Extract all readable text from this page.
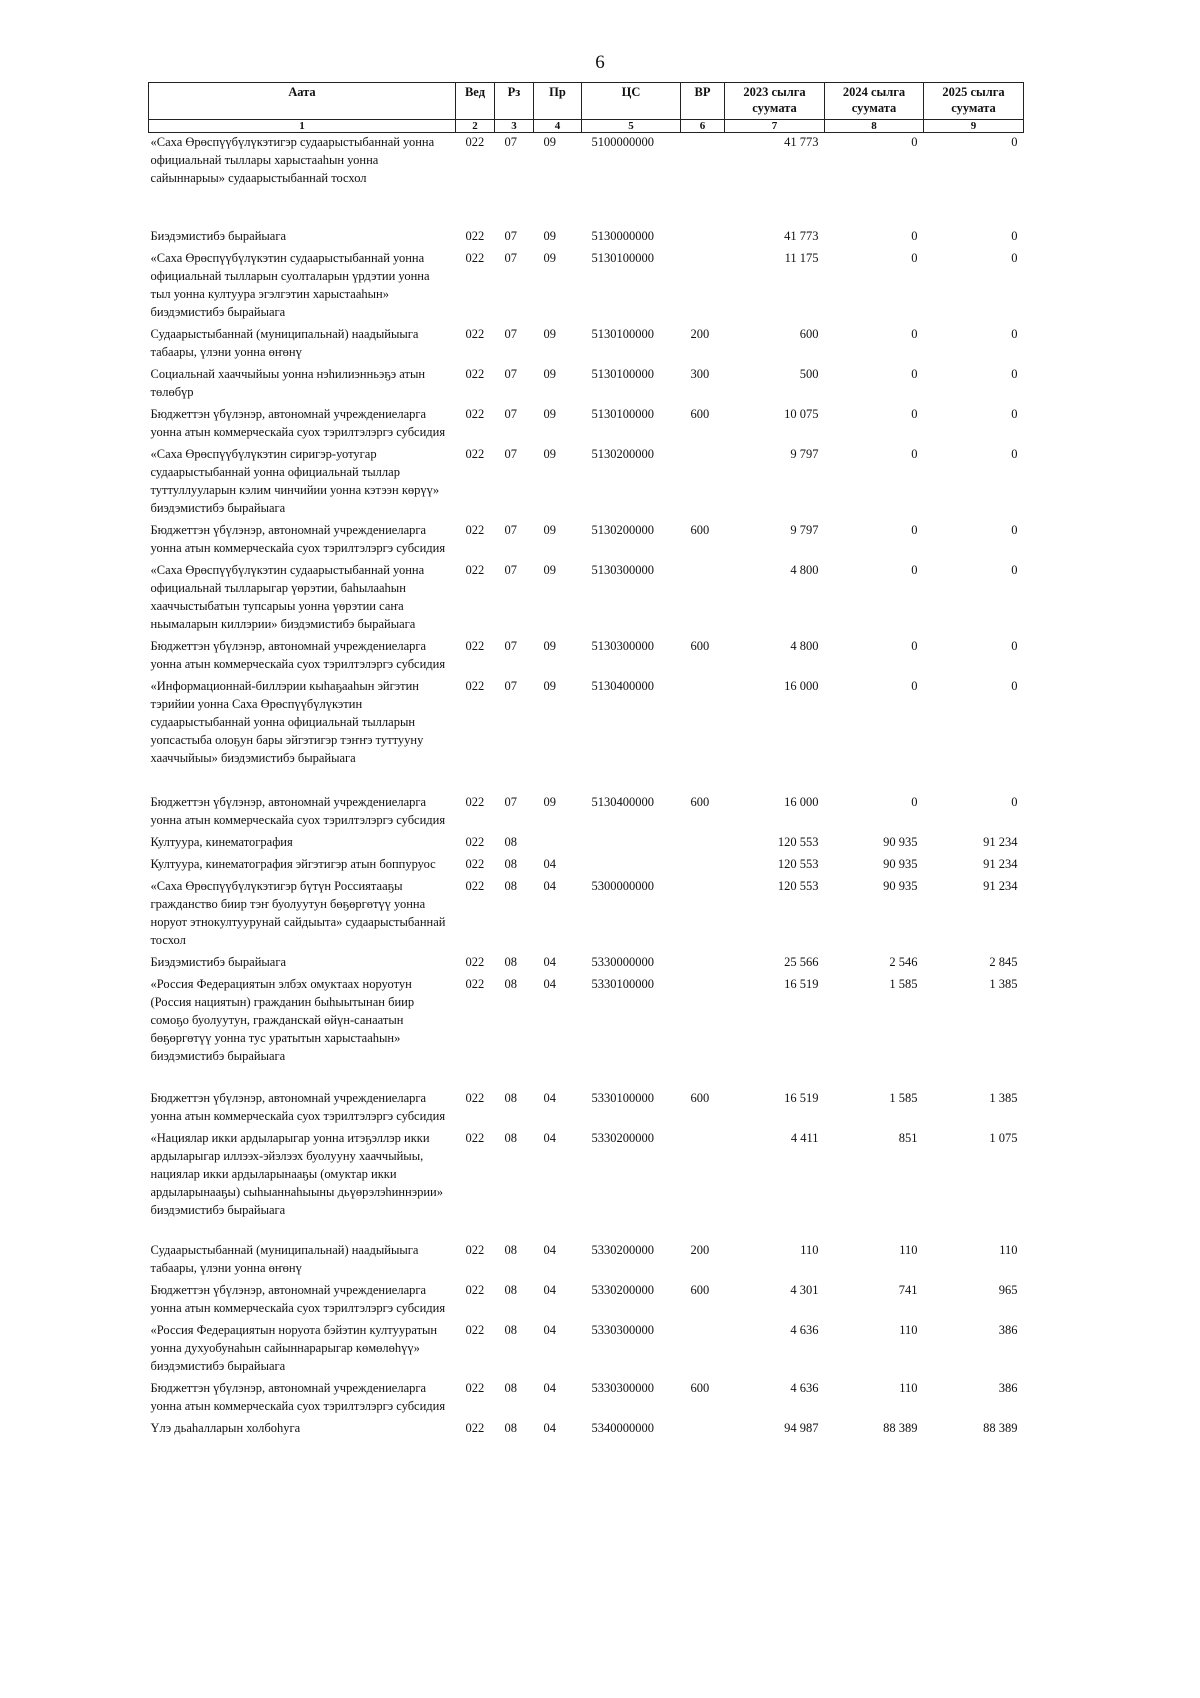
6
Аата	Вед	Рз	Пр	ЦС	ВР	2023 сылга суумата	2024 сылга суумата	2025 сылга суумата
1	2	3	4	5	6	7	8	9
«Саха Өрөспүүбүлүкэтигэр судаарыстыбаннай уонна официальнай тыллары харыстааһын уонна сайыннарыы» судаарыстыбаннай тосхол	022	07	09	5100000000		41 773	0	0
Биэдэмистибэ бырайыага	022	07	09	5130000000		41 773	0	0
«Саха Өрөспүүбүлүкэтин судаарыстыбаннай уонна официальнай тылларын суолталарын үрдэтии уонна тыл уонна култуура эгэлгэтин харыстааһын» биэдэмистибэ бырайыага	022	07	09	5130100000		11 175	0	0
Судаарыстыбаннай (муниципальнай) наадыйыыга табаары, үлэни уонна өҥөнү	022	07	09	5130100000	200	600	0	0
Социальнай хааччыйыы уонна нэһилиэнньэҕэ атын төлөбүр	022	07	09	5130100000	300	500	0	0
Бюджеттэн үбүлэнэр, автономнай учреждениеларга уонна атын коммерческайа суох тэрилтэлэргэ субсидия	022	07	09	5130100000	600	10 075	0	0
«Саха Өрөспүүбүлүкэтин сиригэр-уотугар судаарыстыбаннай уонна официальнай тыллар туттуллууларын кэлим чинчийии уонна кэтээн көрүү» биэдэмистибэ бырайыага	022	07	09	5130200000		9 797	0	0
Бюджеттэн үбүлэнэр, автономнай учреждениеларга уонна атын коммерческайа суох тэрилтэлэргэ субсидия	022	07	09	5130200000	600	9 797	0	0
«Саха Өрөспүүбүлүкэтин судаарыстыбаннай уонна официальнай тылларыгар үөрэтии, баһылааһын хааччыстыбатын тупсарыы уонна үөрэтии саҥа ньымаларын киллэрии» биэдэмистибэ бырайыага	022	07	09	5130300000		4 800	0	0
Бюджеттэн үбүлэнэр, автономнай учреждениеларга уонна атын коммерческайа суох тэрилтэлэргэ субсидия	022	07	09	5130300000	600	4 800	0	0
«Информационнай-биллэрии кыһаҕааһын эйгэтин тэрийии уонна Саха Өрөспүүбүлүкэтин судаарыстыбаннай уонна официальнай тылларын уопсастыба олоҕун бары эйгэтигэр тэҥҥэ туттууну хааччыйыы» биэдэмистибэ бырайыага	022	07	09	5130400000		16 000	0	0
Бюджеттэн үбүлэнэр, автономнай учреждениеларга уонна атын коммерческайа суох тэрилтэлэргэ субсидия	022	07	09	5130400000	600	16 000	0	0
Култуура, кинематография	022	08				120 553	90 935	91 234
Култуура, кинематография эйгэтигэр атын боппуруос	022	08	04			120 553	90 935	91 234
«Саха Өрөспүүбүлүкэтигэр бүтүн Россиятааҕы гражданство биир тэҥ буолуутун бөҕөргөтүү уонна норуот этнокултуурунай сайдыыта» судаарыстыбаннай тосхол	022	08	04	5300000000		120 553	90 935	91 234
Биэдэмистибэ бырайыага	022	08	04	5330000000		25 566	2 546	2 845
«Россия Федерациятын элбэх омуктаах норуотун (Россия нациятын) гражданин быһыытынан биир сомоҕо буолуутун, гражданскай өйүн-санаатын бөҕөргөтүү уонна тус уратытын харыстааһын» биэдэмистибэ бырайыага	022	08	04	5330100000		16 519	1 585	1 385
Бюджеттэн үбүлэнэр, автономнай учреждениеларга уонна атын коммерческайа суох тэрилтэлэргэ субсидия	022	08	04	5330100000	600	16 519	1 585	1 385
«Нациялар икки ардыларыгар уонна итэҕэллэр икки ардыларыгар иллээх-эйэлээх буолууну хааччыйыы, нациялар икки ардыларынааҕы (омуктар икки ардыларынааҕы) сыһыаннаһыыны дьүөрэлэһиннэрии» биэдэмистибэ бырайыага	022	08	04	5330200000		4 411	851	1 075
Судаарыстыбаннай (муниципальнай) наадыйыыга табаары, үлэни уонна өҥөнү	022	08	04	5330200000	200	110	110	110
Бюджеттэн үбүлэнэр, автономнай учреждениеларга уонна атын коммерческайа суох тэрилтэлэргэ субсидия	022	08	04	5330200000	600	4 301	741	965
«Россия Федерациятын норуота бэйэтин култууратын уонна духуобунаһын сайыннарарыгар көмөлөһүү» биэдэмистибэ бырайыага	022	08	04	5330300000		4 636	110	386
Бюджеттэн үбүлэнэр, автономнай учреждениеларга уонна атын коммерческайа суох тэрилтэлэргэ субсидия	022	08	04	5330300000	600	4 636	110	386
Үлэ дьаһалларын холбоһуга	022	08	04	5340000000		94 987	88 389	88 389
